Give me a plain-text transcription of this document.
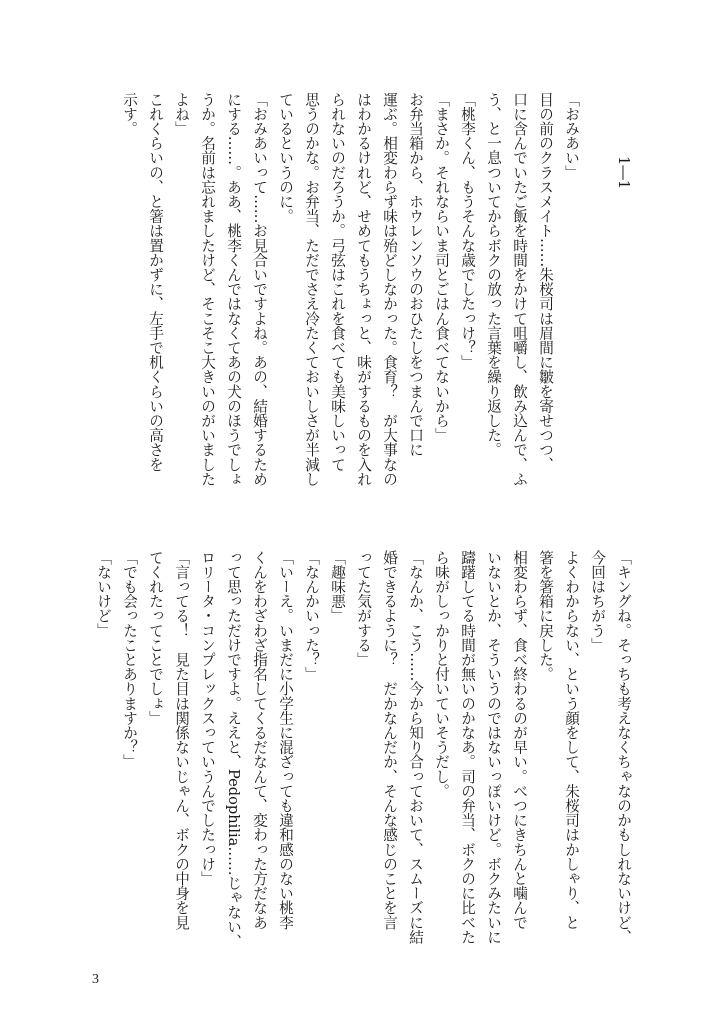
1―1

「おみあい」

目の前のクラスメイト……朱桜司は眉間に皺を寄せつつ、

口に含んでいたご飯を時間をかけて咀嚼し、飲み込んで、ふ

う、と一息ついてからボクの放った言葉を繰り返した。

「桃李くん、もうそんな歳でしたっけ？」

「まさか。それならいま司とごはん食べてないから」

お弁当箱から、ホウレンソウのおひたしをつまんで口に

運ぶ。相変わらず味は殆どしなかった。食育？　が大事なの

はわかるけれど、せめてもうちょっと、味がするものを入れ

られないのだろうか。弓弦はこれを食べても美味しいって

思うのかな。お弁当、ただでさえ冷たくておいしさが半減し

ているというのに。

「おみあいって……お見合いですよね。あの、結婚するため

にする……。ああ、桃李くんではなくてあの犬のほうでしょ

うか。名前は忘れましたけど、そこそこ大きいのがいました

よね」

これくらいの、と箸は置かずに、左手で机くらいの高さを

示す。

「キングね。そっちも考えなくちゃなのかもしれないけど、

今回はちがう」

よくわからない、という顔をして、朱桜司はかしゃり、と

箸を箸箱に戻した。

相変わらず、食べ終わるのが早い。べつにきちんと噛んで

いないとか、そういうのではないっぽいけど。ボクみたいに

躊躇してる時間が無いのかなあ。司の弁当、ボクのに比べた

ら味がしっかりと付いていそうだし。

「なんか、こう……今から知り合っておいて、スムーズに結

婚できるように？　だかなんだか、そんな感じのことを言

ってた気がする」

「趣味悪」

「なんかいった？」

「いーえ。いまだに小学生に混ざっても違和感のない桃李

くんをわざわざ指名してくるだなんて、変わった方だなあ

って思っただけですよ。ええと、Pedophilia……じゃない、

ロリータ・コンプレックスっていうんでしたっけ」

「言ってる！　見た目は関係ないじゃん、ボクの中身を見

てくれたってことでしょ」

「でも会ったことありますか？」

「ないけど」

3
